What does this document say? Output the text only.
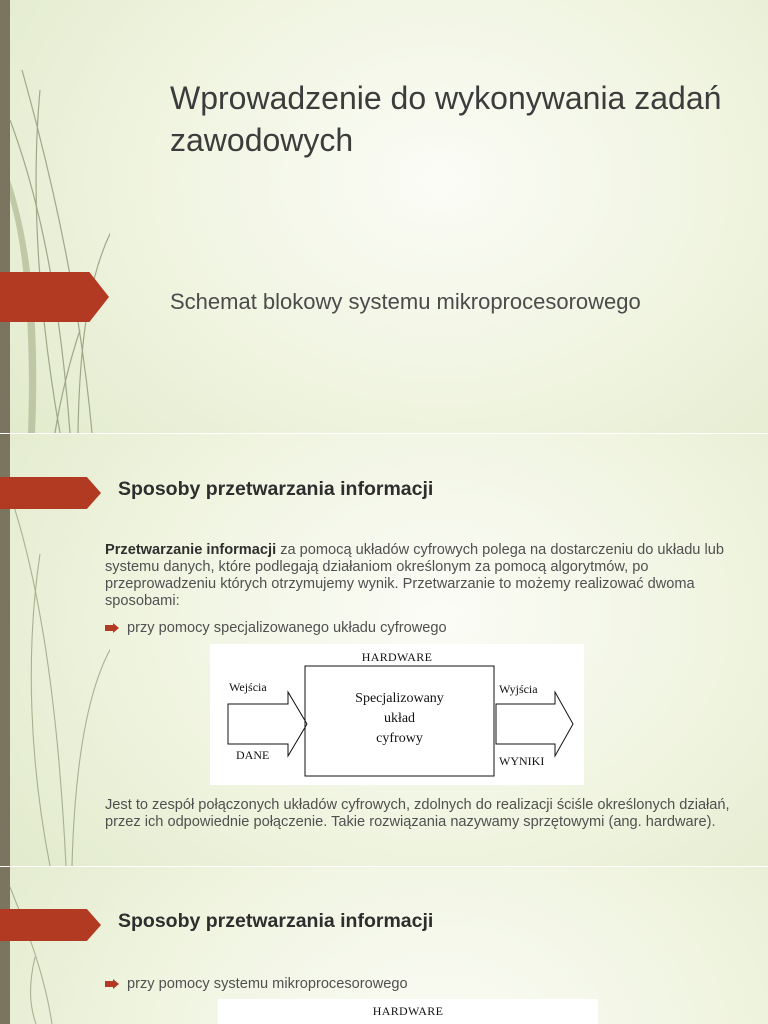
Wprowadzenie do wykonywania zadań zawodowych
Schemat blokowy systemu mikroprocesorowego
Sposoby przetwarzania informacji

Przetwarzanie informacji za pomocą układów cyfrowych polega na dostarczeniu do układu lub systemu danych, które podlegają działaniom określonym za pomocą algorytmów, po przeprowadzeniu których otrzymujemy wynik. Przetwarzanie to możemy realizować dwoma sposobami:

przy pomocy specjalizowanego układu cyfrowego
HARDWARE
Wejścia
DANE
Specjalizowany
układ
cyfrowy
Wyjścia
WYNIKI

Jest to zespół połączonych układów cyfrowych, zdolnych do realizacji ściśle określonych działań, przez ich odpowiednie połączenie. Takie rozwiązania nazywamy sprzętowymi (ang. hardware).

Sposoby przetwarzania informacji
przy pomocy systemu mikroprocesorowego
HARDWARE
